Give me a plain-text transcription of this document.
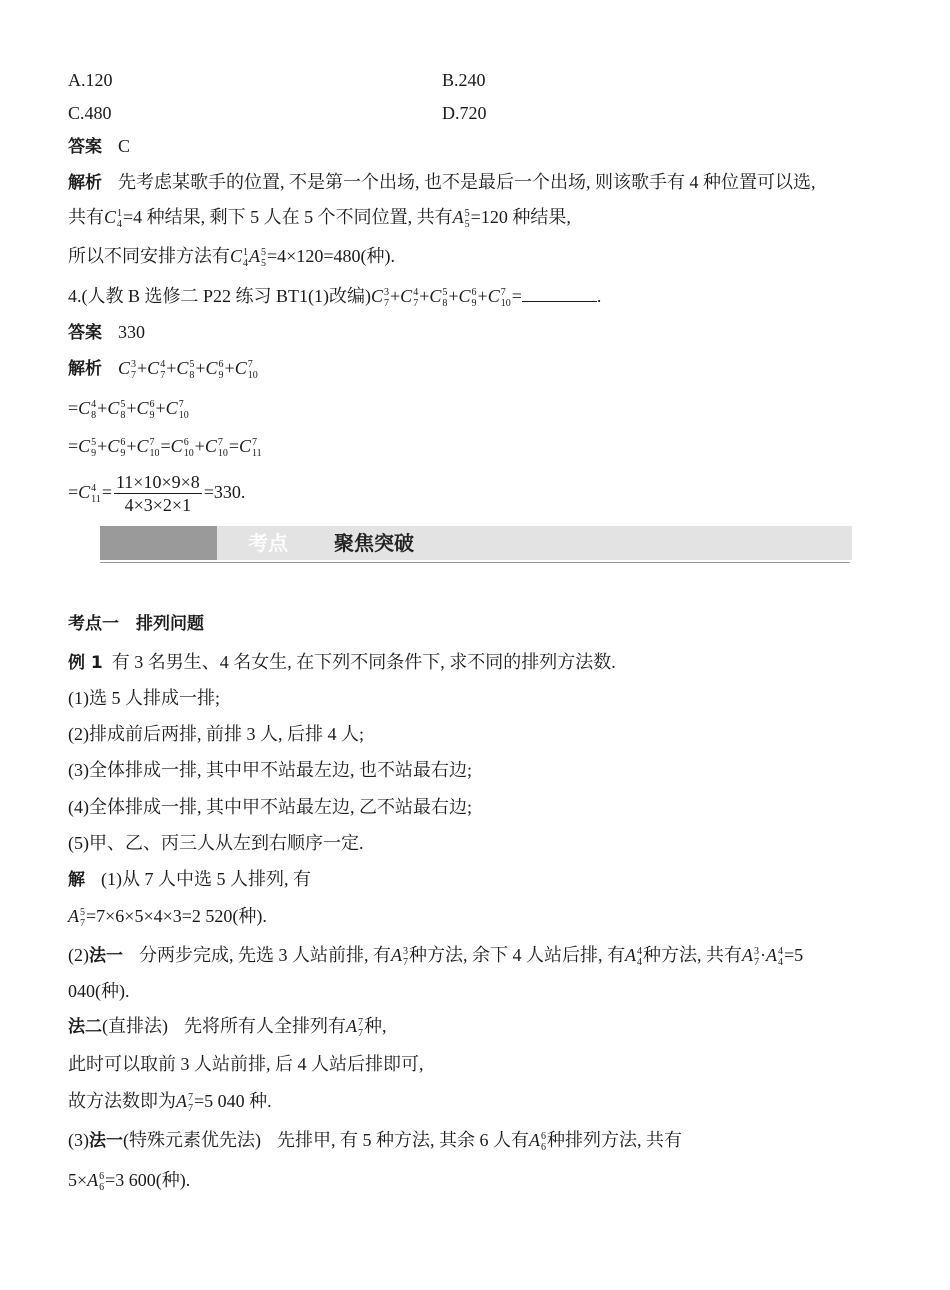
A.120	B.240
C.480	D.720
答案 C
解析 先考虑某歌手的位置, 不是第一个出场, 也不是最后一个出场, 则该歌手有 4 种位置可以选,
共有C 1
4 =4 种结果, 剩下 5 人在 5 个不同位置, 共有A 5
5 =120 种结果,
所以不同安排方法有C 1
4 A 5
5 =4×120=480(种).
4.(人教 B 选修二 P22 练习 BT1(1)改编)C 3
7 +C 4
7 +C 5
8 +C 6
9 +C 7
10 =	.
答案 330
解析 C 3
7 +C 4
7 +C 5
8 +C 6
9 +C 7
10
=C 4
8 +C 5
8 +C 6
9 +C 7
10
=C 5
9 +C 6
9 +C 7
10 =C 6
10 +C 7
10 =C 7
11
=C 4
$11 = \frac{11\times 10\times 9\times 8}{4\times 3\times 2\times 1} =330$.
考点 聚焦突破
考点一　排列问题
例 1 有 3 名男生、4 名女生, 在下列不同条件下, 求不同的排列方法数.
(1)选 5 人排成一排;
(2)排成前后两排, 前排 3 人, 后排 4 人;
(3)全体排成一排, 其中甲不站最左边, 也不站最右边;
(4)全体排成一排, 其中甲不站最左边, 乙不站最右边;
(5)甲、乙、丙三人从左到右顺序一定.
解 (1)从 7 人中选 5 人排列, 有
A 5
7 =7×6×5×4×3=2 520(种).
(2)法一 分两步完成, 先选 3 人站前排, 有A 3
7 种方法, 余下 4 人站后排, 有A 4
4 种方法, 共有A 3
7 ·A 4
4 =5
040(种).
法二(直排法) 先将所有人全排列有A 7
7 种,
此时可以取前 3 人站前排, 后 4 人站后排即可,
故方法数即为A 7
7 =5 040 种.
(3)法一(特殊元素优先法) 先排甲, 有 5 种方法, 其余 6 人有A 6
6 种排列方法, 共有
5×A 6
6 =3 600(种).
